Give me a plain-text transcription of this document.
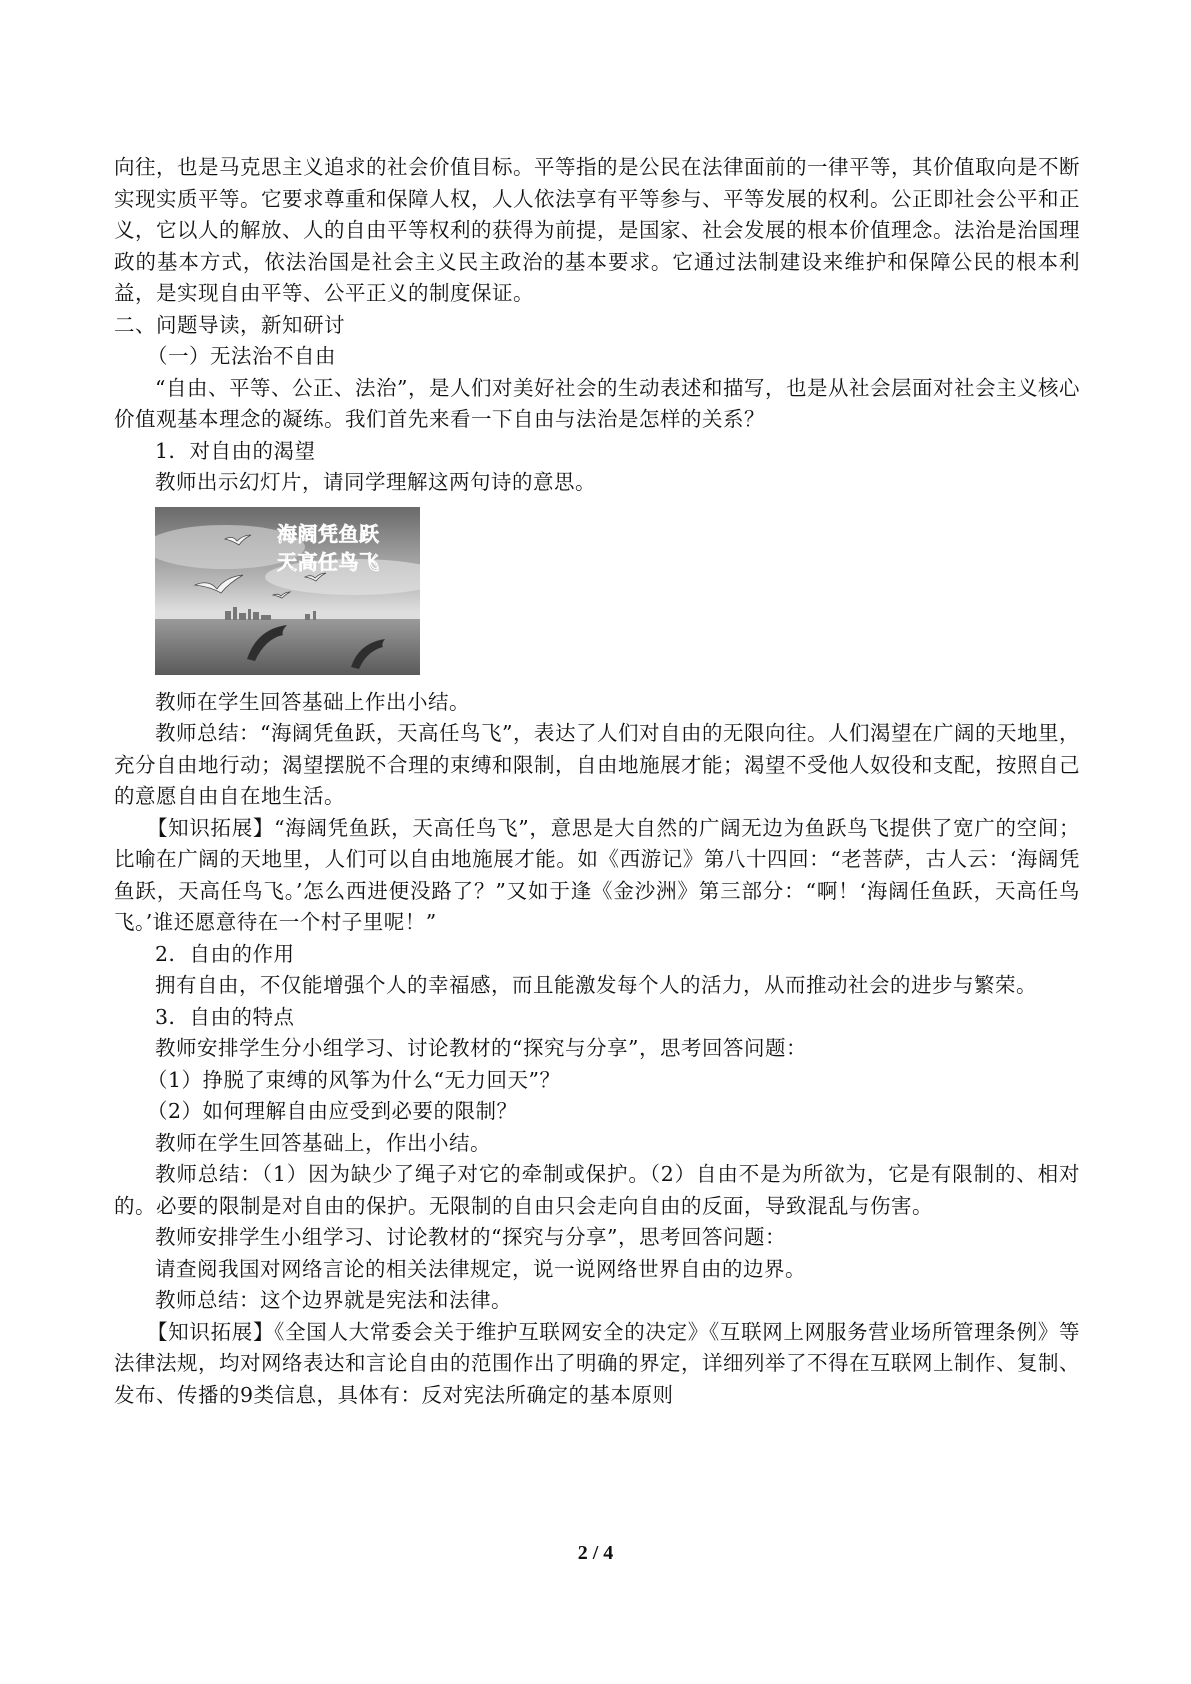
向往，也是马克思主义追求的社会价值目标。平等指的是公民在法律面前的一律平等，其价值取向是不断实现实质平等。它要求尊重和保障人权，人人依法享有平等参与、平等发展的权利。公正即社会公平和正义，它以人的解放、人的自由平等权利的获得为前提，是国家、社会发展的根本价值理念。法治是治国理政的基本方式，依法治国是社会主义民主政治的基本要求。它通过法制建设来维护和保障公民的根本利益，是实现自由平等、公平正义的制度保证。

二、问题导读，新知研讨

（一）无法治不自由

“自由、平等、公正、法治”，是人们对美好社会的生动表述和描写，也是从社会层面对社会主义核心价值观基本理念的凝练。我们首先来看一下自由与法治是怎样的关系？

1．对自由的渴望

教师出示幻灯片，请同学理解这两句诗的意思。

海阔凭鱼跃
天高任鸟飞

教师在学生回答基础上作出小结。

教师总结：“海阔凭鱼跃，天高任鸟飞”，表达了人们对自由的无限向往。人们渴望在广阔的天地里，充分自由地行动；渴望摆脱不合理的束缚和限制，自由地施展才能；渴望不受他人奴役和支配，按照自己的意愿自由自在地生活。

【知识拓展】“海阔凭鱼跃，天高任鸟飞”，意思是大自然的广阔无边为鱼跃鸟飞提供了宽广的空间；比喻在广阔的天地里，人们可以自由地施展才能。如《西游记》第八十四回：“老菩萨，古人云：‘海阔凭鱼跃，天高任鸟飞。’怎么西进便没路了？”又如于逢《金沙洲》第三部分：“啊！‘海阔任鱼跃，天高任鸟飞。’谁还愿意待在一个村子里呢！”

2．自由的作用

拥有自由，不仅能增强个人的幸福感，而且能激发每个人的活力，从而推动社会的进步与繁荣。

3．自由的特点

教师安排学生分小组学习、讨论教材的“探究与分享”，思考回答问题：

（1）挣脱了束缚的风筝为什么“无力回天”？

（2）如何理解自由应受到必要的限制？

教师在学生回答基础上，作出小结。

教师总结：（1）因为缺少了绳子对它的牵制或保护。（2）自由不是为所欲为，它是有限制的、相对的。必要的限制是对自由的保护。无限制的自由只会走向自由的反面，导致混乱与伤害。

教师安排学生小组学习、讨论教材的“探究与分享”，思考回答问题：

请查阅我国对网络言论的相关法律规定，说一说网络世界自由的边界。

教师总结：这个边界就是宪法和法律。

【知识拓展】《全国人大常委会关于维护互联网安全的决定》《互联网上网服务营业场所管理条例》等法律法规，均对网络表达和言论自由的范围作出了明确的界定，详细列举了不得在互联网上制作、复制、发布、传播的9类信息，具体有：反对宪法所确定的基本原则

2 / 4
